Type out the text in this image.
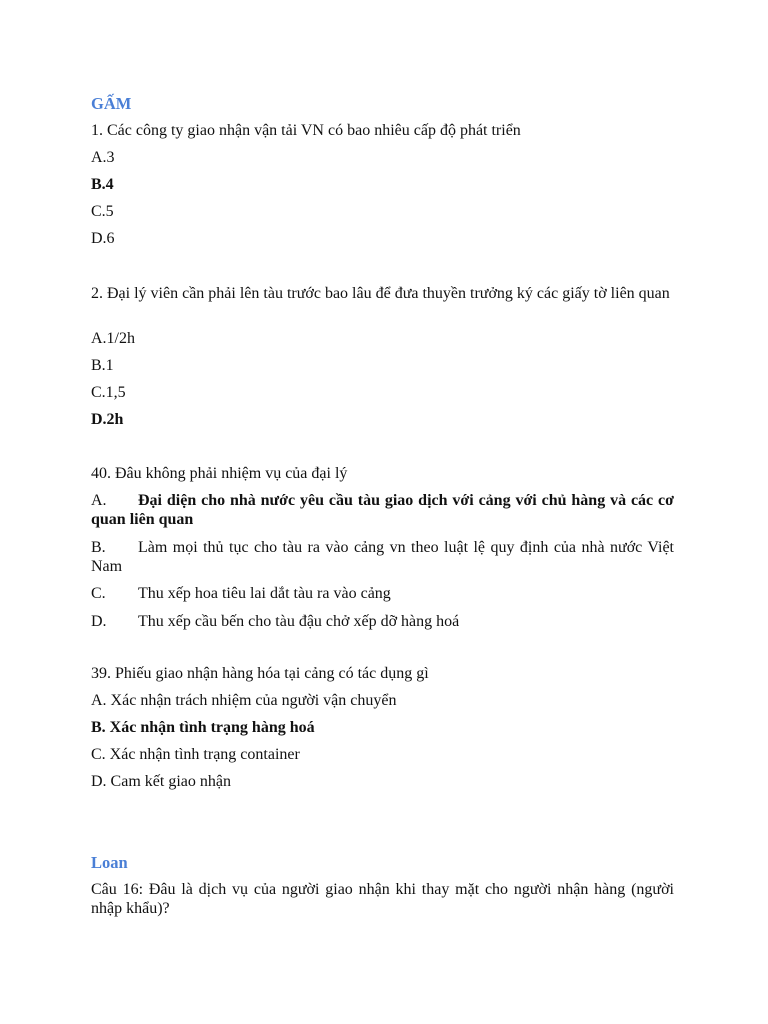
GẤM
1. Các công ty giao nhận vận tải VN có bao nhiêu cấp độ phát triển
A.3
B.4
C.5
D.6
2. Đại lý viên cần phải lên tàu trước bao lâu để đưa thuyền trưởng ký các giấy tờ liên quan
A.1/2h
B.1
C.1,5
D.2h
40. Đâu không phải nhiệm vụ của đại lý
A. Đại diện cho nhà nước yêu cầu tàu giao dịch với cảng với chủ hàng và các cơ quan liên quan
B. Làm mọi thủ tục cho tàu ra vào cảng vn theo luật lệ quy định của nhà nước Việt Nam
C. Thu xếp hoa tiêu lai dắt tàu ra vào cảng
D. Thu xếp cầu bến cho tàu đậu chở xếp dỡ hàng hoá
39. Phiếu giao nhận hàng hóa tại cảng có tác dụng gì
A. Xác nhận trách nhiệm của người vận chuyển
B. Xác nhận tình trạng hàng hoá
C. Xác nhận tình trạng container
D. Cam kết giao nhận
Loan
Câu 16: Đâu là dịch vụ của người giao nhận khi thay mặt cho người nhận hàng (người nhập khẩu)?
